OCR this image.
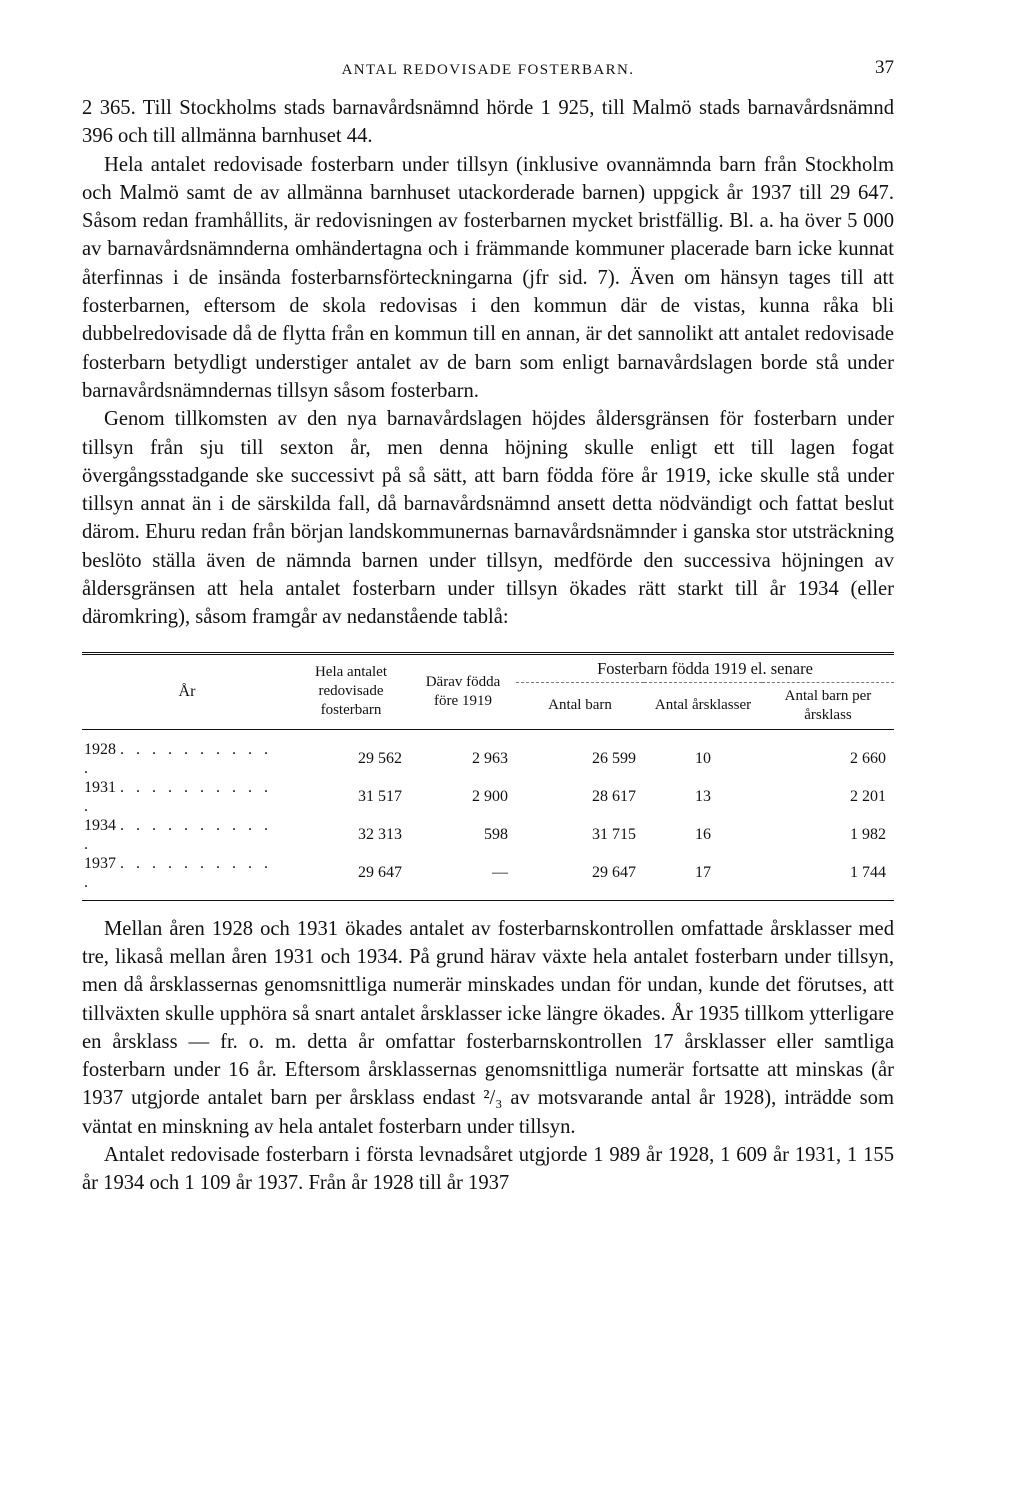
ANTAL REDOVISADE FOSTERBARN.	37

2 365. Till Stockholms stads barnavårdsnämnd hörde 1 925, till Malmö stads barnavårdsnämnd 396 och till allmänna barnhuset 44.

Hela antalet redovisade fosterbarn under tillsyn (inklusive ovannämnda barn från Stockholm och Malmö samt de av allmänna barnhuset utackorderade barnen) uppgick år 1937 till 29 647. Såsom redan framhållits, är redovisningen av fosterbarnen mycket bristfällig. Bl. a. ha över 5 000 av barnavårdsnämnderna omhändertagna och i främmande kommuner placerade barn icke kunnat återfinnas i de insända fosterbarnsförteckningarna (jfr sid. 7). Även om hänsyn tages till att fosterbarnen, eftersom de skola redovisas i den kommun där de vistas, kunna råka bli dubbelredovisade då de flytta från en kommun till en annan, är det sannolikt att antalet redovisade fosterbarn betydligt understiger antalet av de barn som enligt barnavårdslagen borde stå under barnavårdsnämndernas tillsyn såsom fosterbarn.

Genom tillkomsten av den nya barnavårdslagen höjdes åldersgränsen för fosterbarn under tillsyn från sju till sexton år, men denna höjning skulle enligt ett till lagen fogat övergångsstadgande ske successivt på så sätt, att barn födda före år 1919, icke skulle stå under tillsyn annat än i de särskilda fall, då barnavårdsnämnd ansett detta nödvändigt och fattat beslut därom. Ehuru redan från början landskommunernas barnavårdsnämnder i ganska stor utsträckning beslöto ställa även de nämnda barnen under tillsyn, medförde den successiva höjningen av åldersgränsen att hela antalet fosterbarn under tillsyn ökades rätt starkt till år 1934 (eller däromkring), såsom framgår av nedanstående tablå:

År	Hela antalet redovisade fosterbarn	Därav födda före 1919	Fosterbarn födda 1919 el. senare		
			Antal barn	Antal årsklasser	Antal barn per årsklass
1928 . . . . . . . . . . .	29 562	2 963	26 599	10	2 660
1931 . . . . . . . . . . .	31 517	2 900	28 617	13	2 201
1934 . . . . . . . . . . .	32 313	598	31 715	16	1 982
1937 . . . . . . . . . . .	29 647	—	29 647	17	1 744

Mellan åren 1928 och 1931 ökades antalet av fosterbarnskontrollen omfattade årsklasser med tre, likaså mellan åren 1931 och 1934. På grund härav växte hela antalet fosterbarn under tillsyn, men då årsklassernas genomsnittliga numerär minskades undan för undan, kunde det förutses, att tillväxten skulle upphöra så snart antalet årsklasser icke längre ökades. År 1935 tillkom ytterligare en årsklass — fr. o. m. detta år omfattar fosterbarnskontrollen 17 årsklasser eller samtliga fosterbarn under 16 år. Eftersom årsklassernas genomsnittliga numerär fortsatte att minskas (år 1937 utgjorde antalet barn per årsklass endast ²/₃ av motsvarande antal år 1928), inträdde som väntat en minskning av hela antalet fosterbarn under tillsyn.

Antalet redovisade fosterbarn i första levnadsåret utgjorde 1 989 år 1928, 1 609 år 1931, 1 155 år 1934 och 1 109 år 1937. Från år 1928 till år 1937
